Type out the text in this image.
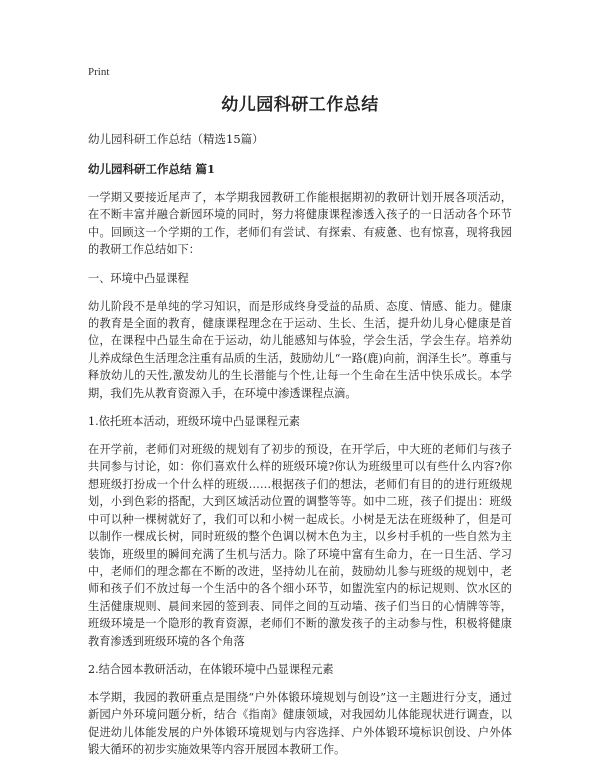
Print
幼儿园科研工作总结
幼儿园科研工作总结（精选15篇）
幼儿园科研工作总结 篇1

一学期又要接近尾声了，本学期我园教研工作能根据期初的教研计划开展各项活动，在不断丰富并融合新园环境的同时，努力将健康课程渗透入孩子的一日活动各个环节中。回顾这一个学期的工作，老师们有尝试、有探索、有疲惫、也有惊喜，现将我园的教研工作总结如下：

一、环境中凸显课程

幼儿阶段不是单纯的学习知识，而是形成终身受益的品质、态度、情感、能力。健康的教育是全面的教育，健康课程理念在于运动、生长、生活，提升幼儿身心健康是首位，在课程中凸显生命在于运动，幼儿能感知与体验，学会生活，学会生存。培养幼儿养成绿色生活理念注重有品质的生活，鼓励幼儿“一路(鹿)向前，润泽生长”。尊重与释放幼儿的天性,激发幼儿的生长潜能与个性,让每一个生命在生活中快乐成长。本学期，我们先从教育资源入手，在环境中渗透课程点滴。

1.依托班本活动，班级环境中凸显课程元素

在开学前，老师们对班级的规划有了初步的预设，在开学后，中大班的老师们与孩子共同参与讨论，如：你们喜欢什么样的班级环境?你认为班级里可以有些什么内容?你想班级打扮成一个什么样的班级……根据孩子们的想法，老师们有目的的进行班级规划，小到色彩的搭配，大到区域活动位置的调整等等。如中二班，孩子们提出：班级中可以种一棵树就好了，我们可以和小树一起成长。小树是无法在班级种了，但是可以制作一棵成长树，同时班级的整个色调以树木色为主，以乡村手机的一些自然为主装饰，班级里的瞬间充满了生机与活力。除了环境中富有生命力，在一日生活、学习中，老师们的理念都在不断的改进，坚持幼儿在前，鼓励幼儿参与班级的规划中，老师和孩子们不放过每一个生活中的各个细小环节，如盥洗室内的标记规则、饮水区的生活健康规则、晨间来园的签到表、同伴之间的互动墙、孩子们当日的心情牌等等，班级环境是一个隐形的教育资源，老师们不断的激发孩子的主动参与性，积极将健康教育渗透到班级环境的各个角落

2.结合园本教研活动，在体锻环境中凸显课程元素

本学期，我园的教研重点是围绕“户外体锻环境规划与创设”这一主题进行分支，通过新园户外环境问题分析，结合《指南》健康领域，对我园幼儿体能现状进行调查，以促进幼儿体能发展的户外体锻环境规划与内容选择、户外体锻环境标识创设、户外体锻大循环的初步实施效果等内容开展园本教研工作。
